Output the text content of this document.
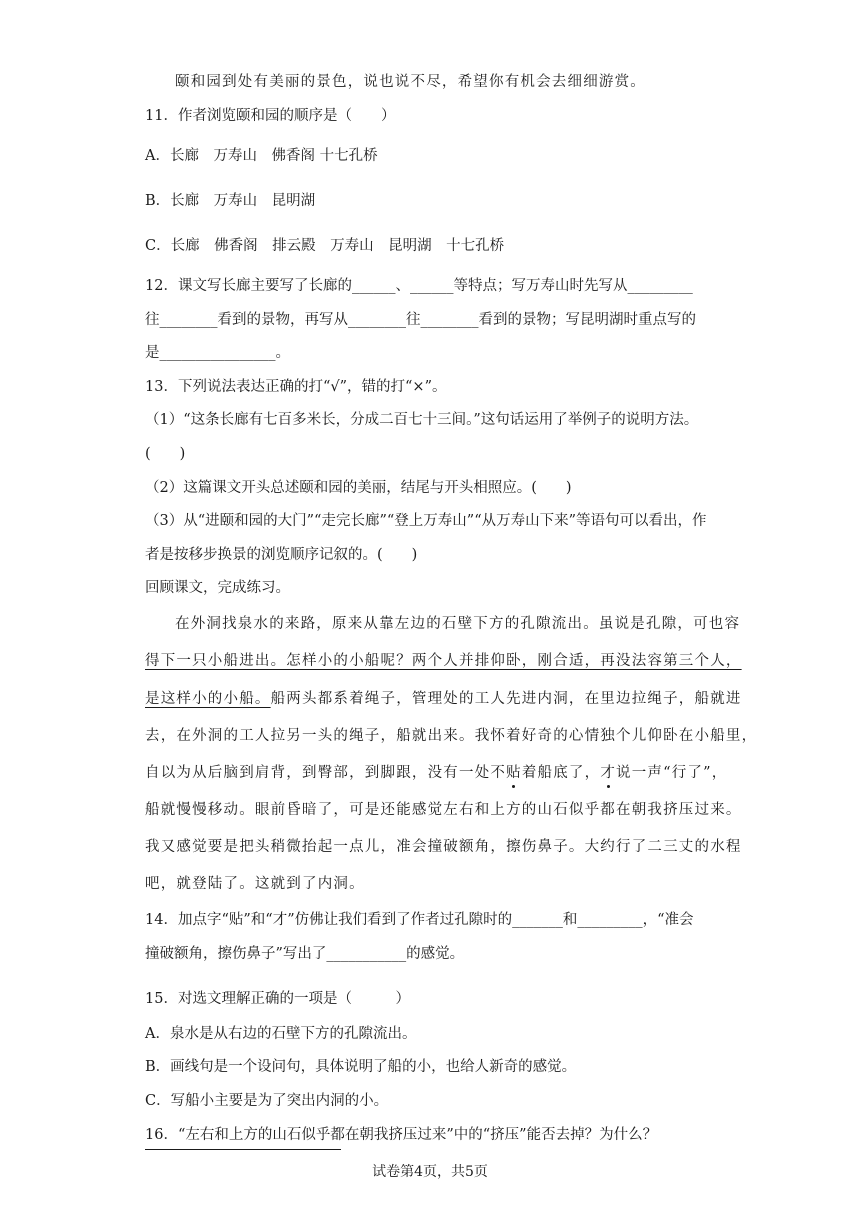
颐和园到处有美丽的景色，说也说不尽，希望你有机会去细细游赏。
11．作者浏览颐和园的顺序是（　　）
A．长廊　万寿山　佛香阁 十七孔桥
B．长廊　万寿山　昆明湖
C．长廊　佛香阁　排云殿　万寿山　昆明湖　十七孔桥
12．课文写长廊主要写了长廊的______、______等特点；写万寿山时先写从_________
往________看到的景物，再写从________往________看到的景物；写昆明湖时重点写的
是________________。
13．下列说法表达正确的打“√”，错的打“×”。
（1）“这条长廊有七百多米长，分成二百七十三间。”这句话运用了举例子的说明方法。
(　　)
（2）这篇课文开头总述颐和园的美丽，结尾与开头相照应。(　　)
（3）从“进颐和园的大门”“走完长廊”“登上万寿山”“从万寿山下来”等语句可以看出，作
者是按移步换景的浏览顺序记叙的。(　　)
回顾课文，完成练习。
在外洞找泉水的来路，原来从靠左边的石壁下方的孔隙流出。虽说是孔隙，可也容
得下一只小船进出。怎样小的小船呢？两个人并排仰卧，刚合适，再没法容第三个人，
是这样小的小船。船两头都系着绳子，管理处的工人先进内洞，在里边拉绳子，船就进
去，在外洞的工人拉另一头的绳子，船就出来。我怀着好奇的心情独个儿仰卧在小船里，
自以为从后脑到肩背，到臀部，到脚跟，没有一处不贴着船底了，才说一声“行了”，
船就慢慢移动。眼前昏暗了，可是还能感觉左右和上方的山石似乎都在朝我挤压过来。
我又感觉要是把头稍微抬起一点儿，准会撞破额角，擦伤鼻子。大约行了二三丈的水程
吧，就登陆了。这就到了内洞。
14．加点字“贴”和“才”仿佛让我们看到了作者过孔隙时的_______和_________，“准会
撞破额角，擦伤鼻子”写出了___________的感觉。
15．对选文理解正确的一项是（　　　）
A．泉水是从右边的石壁下方的孔隙流出。
B．画线句是一个设问句，具体说明了船的小，也给人新奇的感觉。
C．写船小主要是为了突出内洞的小。
16．“左右和上方的山石似乎都在朝我挤压过来”中的“挤压”能否去掉？为什么？
试卷第4页，共5页
